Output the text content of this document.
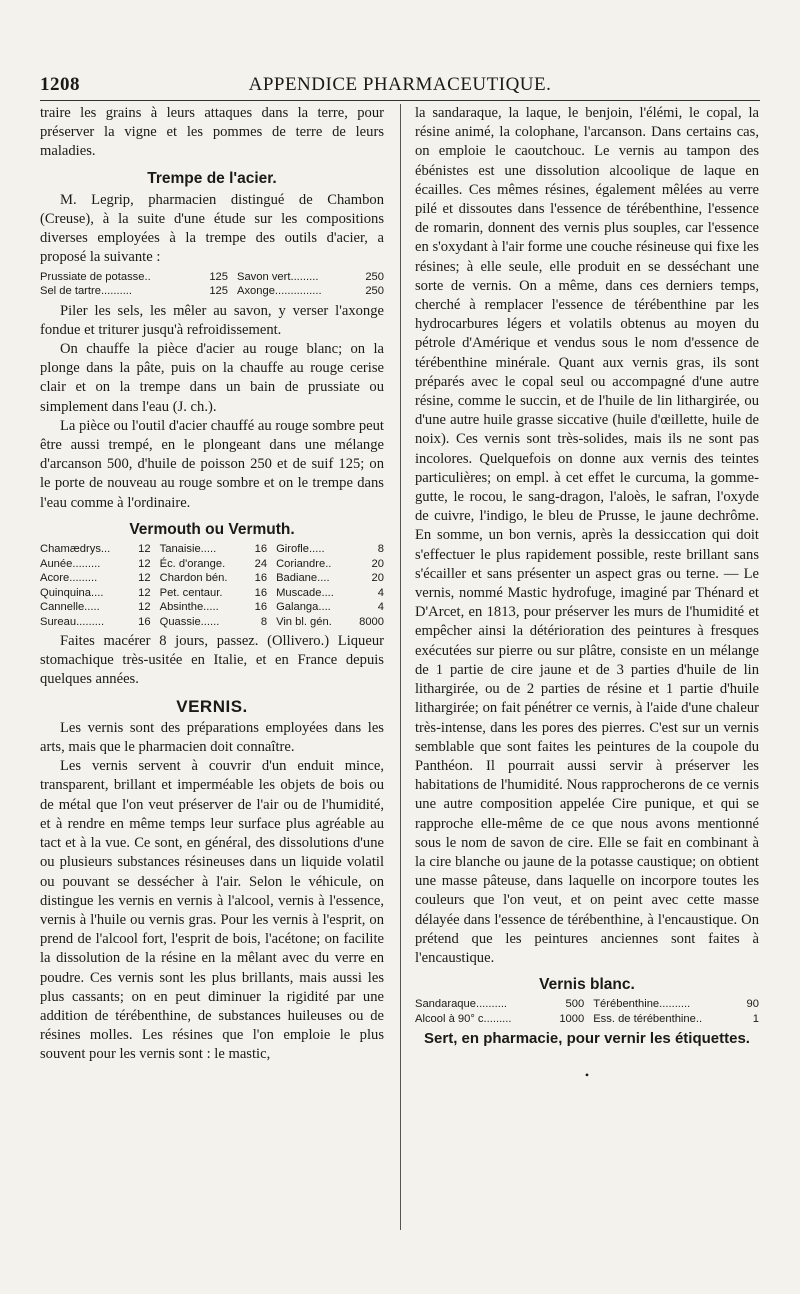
1208	APPENDICE PHARMACEUTIQUE.

traire les grains à leurs attaques dans la terre, pour préserver la vigne et les pommes de terre de leurs maladies.

Trempe de l'acier.

M. Legrip, pharmacien distingué de Chambon (Creuse), à la suite d'une étude sur les compositions diverses employées à la trempe des outils d'acier, a proposé la suivante :

Prussiate de potasse..	125	Savon vert.........	250
Sel de tartre..........	125	Axonge...............	250

Piler les sels, les mêler au savon, y verser l'axonge fondue et triturer jusqu'à refroidissement.

On chauffe la pièce d'acier au rouge blanc; on la plonge dans la pâte, puis on la chauffe au rouge cerise clair et on la trempe dans un bain de prussiate ou simplement dans l'eau (J. ch.).

La pièce ou l'outil d'acier chauffé au rouge sombre peut être aussi trempé, en le plongeant dans une mélange d'arcanson 500, d'huile de poisson 250 et de suif 125; on le porte de nouveau au rouge sombre et on le trempe dans l'eau comme à l'ordinaire.

Vermouth ou Vermuth.
Chamædrys...	12	Tanaisie.....	16	Girofle.....	8
Aunée.........	12	Éc. d'orange.	24	Coriandre..	20
Acore.........	12	Chardon bén.	16	Badiane....	20
Quinquina....	12	Pet. centaur.	16	Muscade....	4
Cannelle.....	12	Absinthe.....	16	Galanga....	4
Sureau.........	16	Quassie......	8	Vin bl. gén.	8000

Faites macérer 8 jours, passez. (Ollivero.) Liqueur stomachique très-usitée en Italie, et en France depuis quelques années.

VERNIS.

Les vernis sont des préparations employées dans les arts, mais que le pharmacien doit connaître.

Les vernis servent à couvrir d'un enduit mince, transparent, brillant et imperméable les objets de bois ou de métal que l'on veut préserver de l'air ou de l'humidité, et à rendre en même temps leur surface plus agréable au tact et à la vue. Ce sont, en général, des dissolutions d'une ou plusieurs substances résineuses dans un liquide volatil ou pouvant se dessécher à l'air. Selon le véhicule, on distingue les vernis en vernis à l'alcool, vernis à l'essence, vernis à l'huile ou vernis gras. Pour les vernis à l'esprit, on prend de l'alcool fort, l'esprit de bois, l'acétone; on facilite la dissolution de la résine en la mêlant avec du verre en poudre. Ces vernis sont les plus brillants, mais aussi les plus cassants; on en peut diminuer la rigidité par une addition de térébenthine, de substances huileuses ou de résines molles. Les résines que l'on emploie le plus souvent pour les vernis sont : le mastic,

la sandaraque, la laque, le benjoin, l'élémi, le copal, la résine animé, la colophane, l'arcanson. Dans certains cas, on emploie le caoutchouc. Le vernis au tampon des ébénistes est une dissolution alcoolique de laque en écailles. Ces mêmes résines, également mêlées au verre pilé et dissoutes dans l'essence de térébenthine, l'essence de romarin, donnent des vernis plus souples, car l'essence en s'oxydant à l'air forme une couche résineuse qui fixe les résines; à elle seule, elle produit en se desséchant une sorte de vernis. On a même, dans ces derniers temps, cherché à remplacer l'essence de térébenthine par les hydrocarbures légers et volatils obtenus au moyen du pétrole d'Amérique et vendus sous le nom d'essence de térébenthine minérale. Quant aux vernis gras, ils sont préparés avec le copal seul ou accompagné d'une autre résine, comme le succin, et de l'huile de lin lithargirée, ou d'une autre huile grasse siccative (huile d'œillette, huile de noix). Ces vernis sont très-solides, mais ils ne sont pas incolores. Quelquefois on donne aux vernis des teintes particulières; on empl. à cet effet le curcuma, la gomme-gutte, le rocou, le sang-dragon, l'aloès, le safran, l'oxyde de cuivre, l'indigo, le bleu de Prusse, le jaune dechrôme. En somme, un bon vernis, après la dessiccation qui doit s'effectuer le plus rapidement possible, reste brillant sans s'écailler et sans présenter un aspect gras ou terne. — Le vernis, nommé Mastic hydrofuge, imaginé par Thénard et D'Arcet, en 1813, pour préserver les murs de l'humidité et empêcher ainsi la détérioration des peintures à fresques exécutées sur pierre ou sur plâtre, consiste en un mélange de 1 partie de cire jaune et de 3 parties d'huile de lin lithargirée, ou de 2 parties de résine et 1 partie d'huile lithargirée; on fait pénétrer ce vernis, à l'aide d'une chaleur très-intense, dans les pores des pierres. C'est sur un vernis semblable que sont faites les peintures de la coupole du Panthéon. Il pourrait aussi servir à préserver les habitations de l'humidité. Nous rapprocherons de ce vernis une autre composition appelée Cire punique, et qui se rapproche elle-même de ce que nous avons mentionné sous le nom de savon de cire. Elle se fait en combinant à la cire blanche ou jaune de la potasse caustique; on obtient une masse pâteuse, dans laquelle on incorpore toutes les couleurs que l'on veut, et on peint avec cette masse délayée dans l'essence de térébenthine, à l'encaustique. On prétend que les peintures anciennes sont faites à l'encaustique.

Vernis blanc.
Sandaraque..........	500	Térébenthine..........	90
Alcool à 90° c.........	1000	Ess. de térébenthine..	1
Sert, en pharmacie, pour vernir les étiquettes.
•
